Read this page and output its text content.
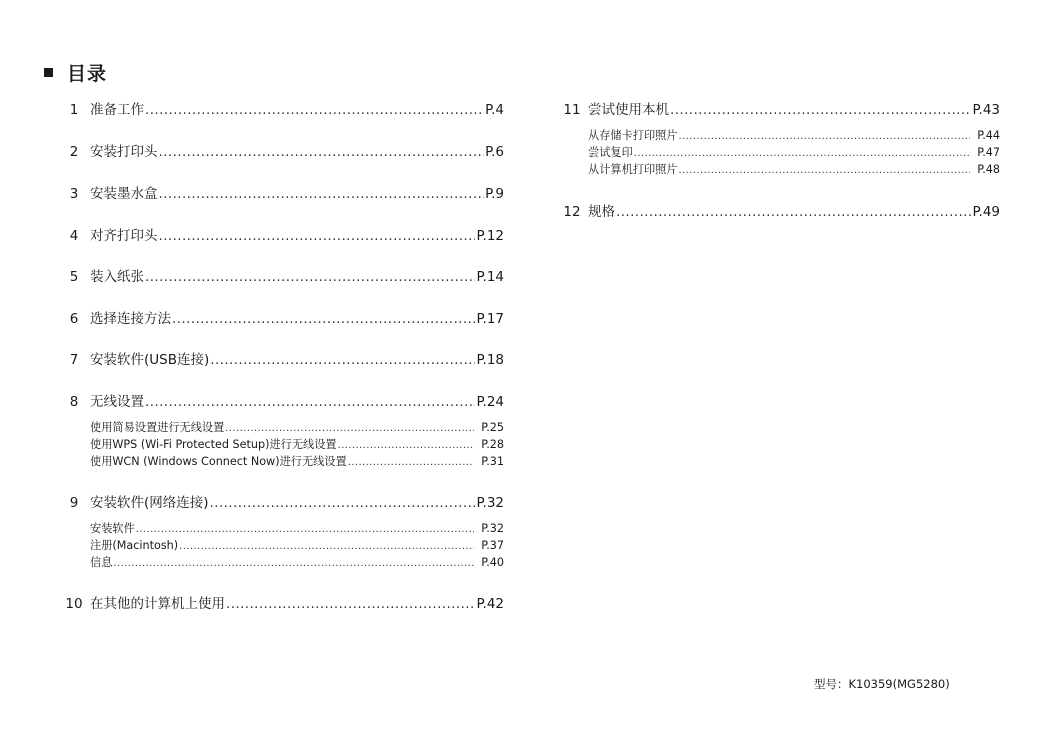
目录
1 准备工作 .....	P.4
2 安装打印头 .....	P.6
3 安装墨水盒 .....	P.9
4 对齐打印头 .....	P.12
5 装入纸张 .....	P.14
6 选择连接方法 .....	P.17
7 安装软件(USB连接) .....	P.18
8 无线设置 .....	P.24
使用简易设置进行无线设置 .....	P.25
使用WPS (Wi-Fi Protected Setup)进行无线设置 .....	P.28
使用WCN (Windows Connect Now)进行无线设置 .....	P.31
9 安装软件(网络连接) .....	P.32
安装软件 .....	P.32
注册(Macintosh) .....	P.37
信息 .....	P.40
10 在其他的计算机上使用 .....	P.42
11 尝试使用本机 .....	P.43
从存储卡打印照片 .....	P.44
尝试复印 .....	P.47
从计算机打印照片 .....	P.48
12 规格 .....	P.49
型号：K10359(MG5280)
